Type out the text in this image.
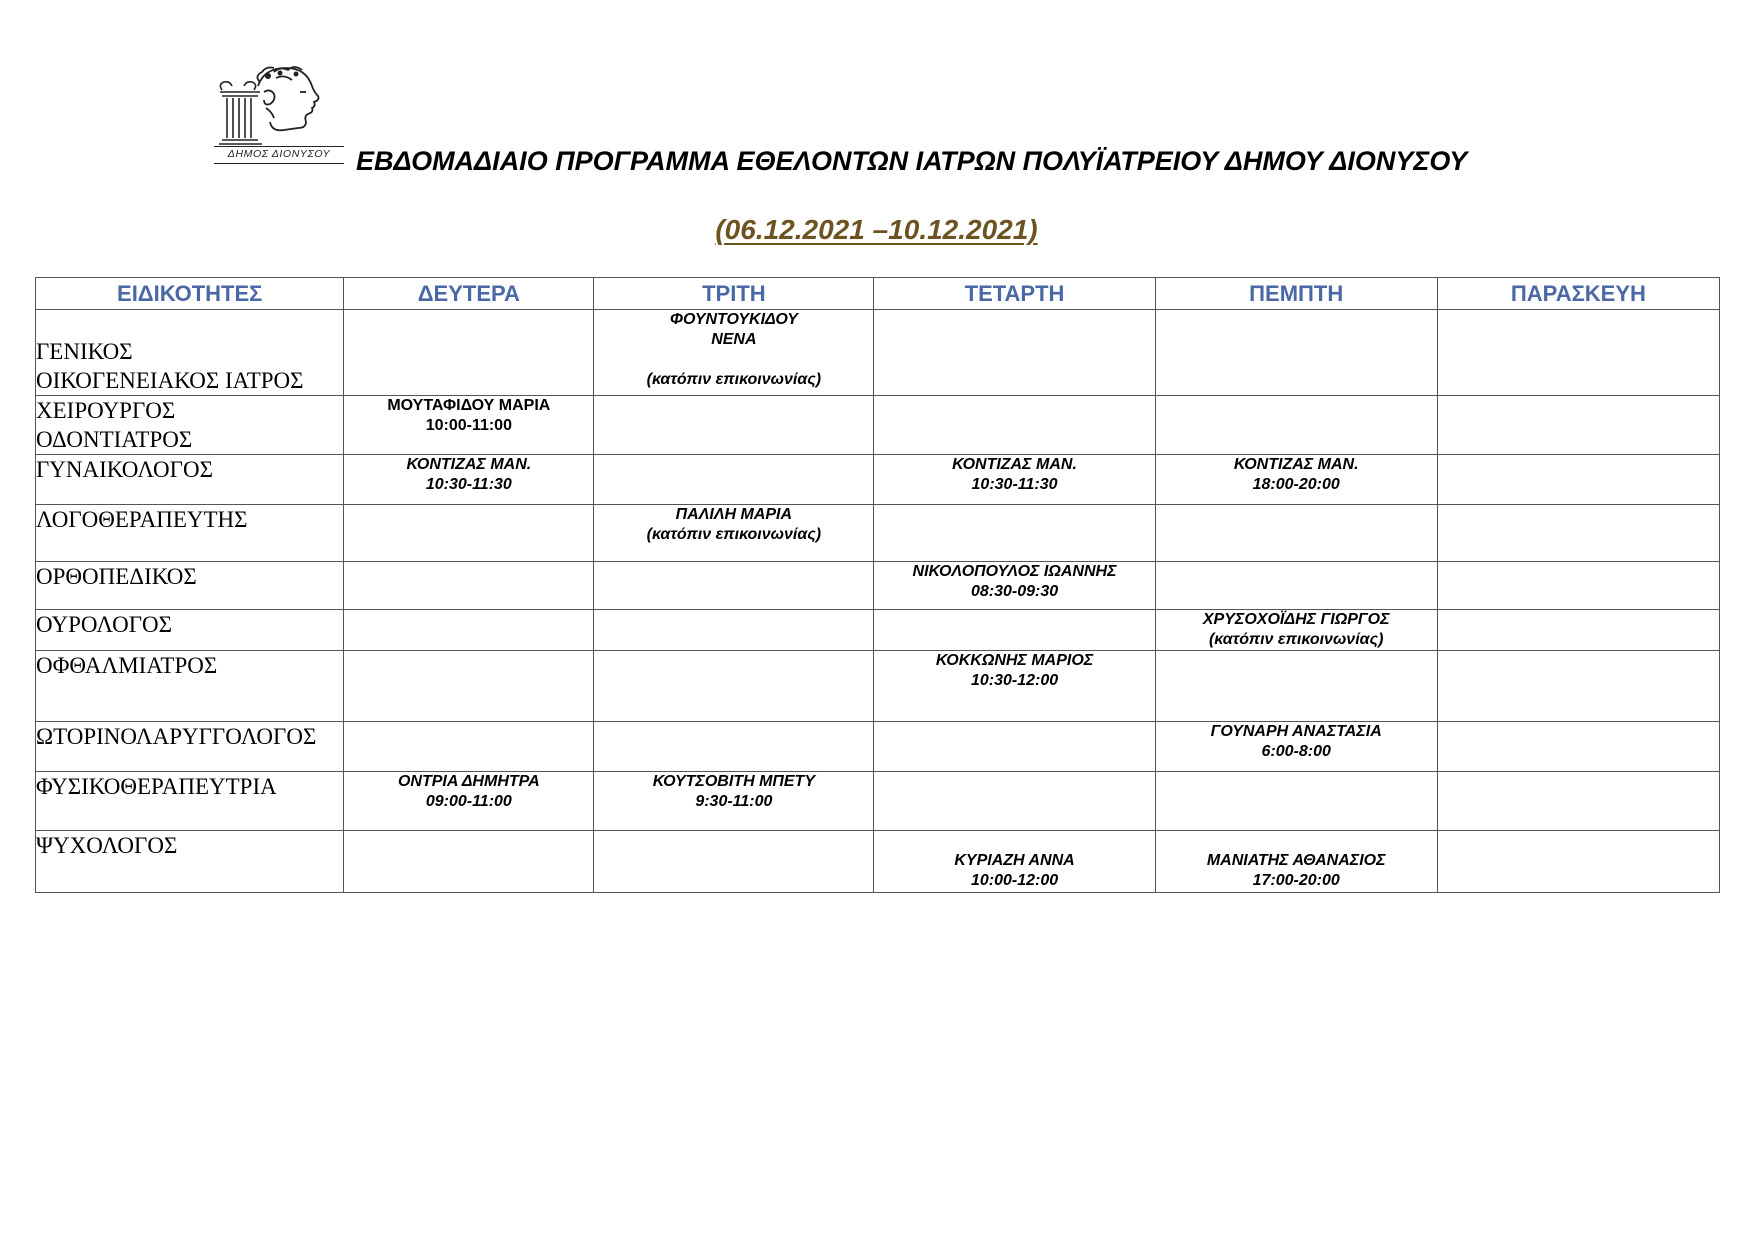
ΔΗΜΟΣ ΔΙΟΝΥΣΟΥ ΕΒΔΟΜΑΔΙΑΙΟ ΠΡΟΓΡΑΜΜΑ ΕΘΕΛΟΝΤΩΝ ΙΑΤΡΩΝ ΠΟΛΥΪΑΤΡΕΙΟΥ ΔΗΜΟΥ ΔΙΟΝΥΣΟΥ
(06.12.2021 –10.12.2021)
ΕΙΔΙΚΟΤΗΤΕΣ	ΔΕΥΤΕΡΑ	ΤΡΙΤΗ	ΤΕΤΑΡΤΗ	ΠΕΜΠΤΗ	ΠΑΡΑΣΚΕΥΗ

ΓΕΝΙΚΟΣ
ΟΙΚΟΓΕΝΕΙΑΚΟΣ ΙΑΤΡΟΣ		ΦΟΥΝΤΟΥΚΙΔΟΥ
ΝΕΝΑ
(κατόπιν επικοινωνίας)			

ΧΕΙΡΟΥΡΓΟΣ
ΟΔΟΝΤΙΑΤΡΟΣ	ΜΟΥΤΑΦΙΔΟΥ ΜΑΡΙΑ
10:00-11:00				

ΓΥΝΑΙΚΟΛΟΓΟΣ	ΚΟΝΤΙΖΑΣ ΜΑΝ.
10:30-11:30		ΚΟΝΤΙΖΑΣ ΜΑΝ.
10:30-11:30	ΚΟΝΤΙΖΑΣ ΜΑΝ.
18:00-20:00	

ΛΟΓΟΘΕΡΑΠΕΥΤΗΣ		ΠΑΛΙΛΗ ΜΑΡΙΑ
(κατόπιν επικοινωνίας)			

ΟΡΘΟΠΕΔΙΚΟΣ			ΝΙΚΟΛΟΠΟΥΛΟΣ ΙΩΑΝΝΗΣ
08:30-09:30		

ΟΥΡΟΛΟΓΟΣ				ΧΡΥΣΟΧΟΪΔΗΣ ΓΙΩΡΓΟΣ
(κατόπιν επικοινωνίας)	

ΟΦΘΑΛΜΙΑΤΡΟΣ			ΚΟΚΚΩΝΗΣ ΜΑΡΙΟΣ
10:30-12:00		

ΩΤΟΡΙΝΟΛΑΡΥΓΓΟΛΟΓΟΣ				ΓΟΥΝΑΡΗ ΑΝΑΣΤΑΣΙΑ
6:00-8:00	

ΦΥΣΙΚΟΘΕΡΑΠΕΥΤΡΙΑ	ΟΝΤΡΙΑ ΔΗΜΗΤΡΑ
09:00-11:00	ΚΟΥΤΣΟΒΙΤΗ ΜΠΕΤΥ
9:30-11:00			

ΨΥΧΟΛΟΓΟΣ			ΚΥΡΙΑΖΗ ΑΝΝΑ
10:00-12:00	ΜΑΝΙΑΤΗΣ ΑΘΑΝΑΣΙΟΣ
17:00-20:00	
